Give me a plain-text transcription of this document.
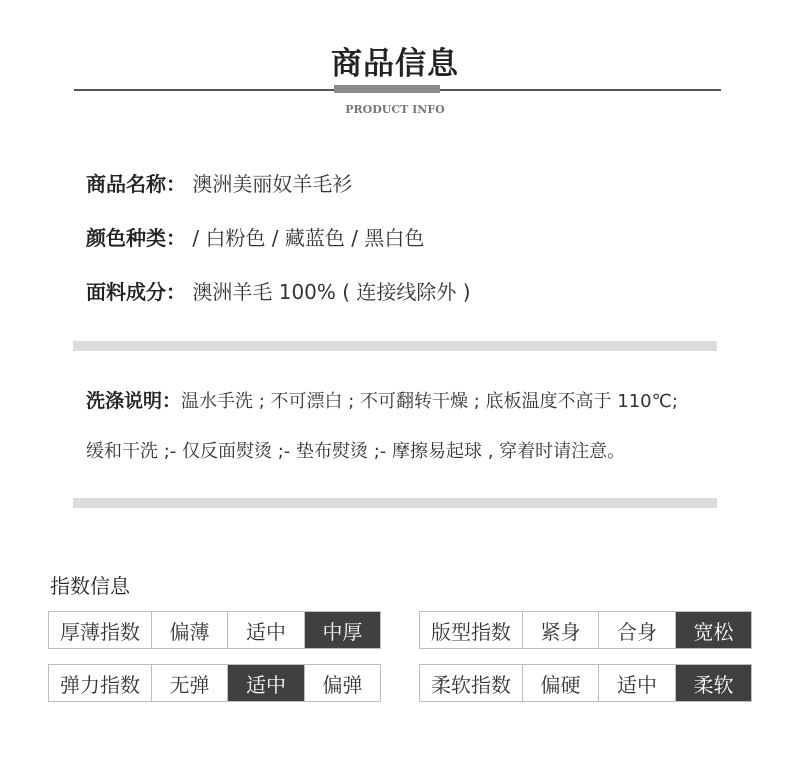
商品信息
PRODUCT INFO
商品名称： 澳洲美丽奴羊毛衫
颜色种类： / 白粉色 / 藏蓝色 / 黑白色
面料成分： 澳洲羊毛 100% ( 连接线除外 )
洗涤说明：温水手洗 ; 不可漂白 ; 不可翻转干燥 ; 底板温度不高于 110℃;
缓和干洗 ;- 仅反面熨烫 ;- 垫布熨烫 ;- 摩擦易起球 , 穿着时请注意。
指数信息
厚薄指数	偏薄	适中	中厚	版型指数	紧身	合身	宽松
弹力指数	无弹	适中	偏弹	柔软指数	偏硬	适中	柔软
